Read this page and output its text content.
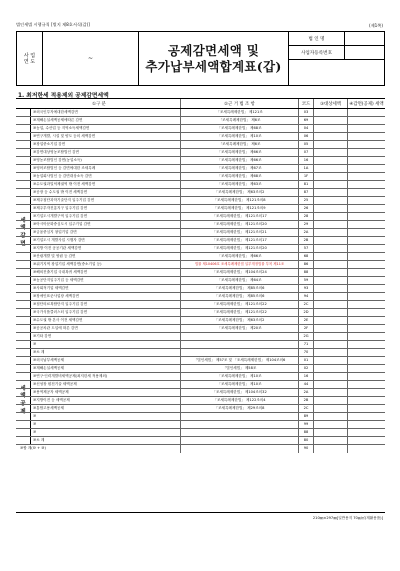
법인세법 시행규칙 [별지 제8호서식(갑)]	(제1쪽)
사 업
연 도	~
공제감면세액 및
추가납부세액합계표(갑)
법 인 명
사업자등록번호
1. 최저한세 적용제외 공제감면세액
①구 분	②근 거 법 조 항	코드	③대상세액	④감면(공제) 세액
세
액
감
면
⑩외국인투자에대한세액감면	「조세특례제한법」 제121조	03
⑩재해손실세액공제에따른 감면	「조세특례제한법」 제6조	69
⑩농업, 수산업 등 지역소득세액감면	「조세특례제한법」 제68조	04
⑩연구개발, 시설 및 양도 등의 세액감면	「조세특례제한법」 제10조	06
⑩창업중소기업 감면	「조세특례제한법」 제6조	05
⑩감면대상영농조합법인 감면	「조세특례제한법」 제66조	07
⑩영농조합법인 감면(농업소득)	「조세특례제한법」 제66조	16
⑩영어조합법인 등 감면에대한 조세특례	「조세특례제한법」 제67조	1A
⑩농업회사법인 등 감면대상소득 감면	「조세특례제한법」 제68조	1F
⑩수도권과밀억제권역 밖 이전 세액감면	「조세특례제한법」 제63조	81
⑩공장 등 수도권 밖 이전 세액감면	「조세특례제한법」 제63조의2	87
⑩제주첨단과학기술단지 입주기업 감면	「조세특례제한법」 제121조의8	25
⑩제주투자진흥지구 입주기업 감면	「조세특례제한법」 제121조의9	26
⑩기업도시개발구역 입주기업 감면	「조세특례제한법」 제121조의17	28
⑩아시아문화중심도시 입주기업 감면	「조세특례제한법」 제121조의20	29
⑩금융중심지 창업기업 감면	「조세특례제한법」 제121조의21	2A
⑩기업도시 개발사업 시행자 감면	「조세특례제한법」 제121조의17	2B
⑩지방 이전 공공기관 세액감면	「조세특례제한법」 제121조의20	57
⑩산림개발 및 영림 등 감면	「조세특례제한법」 제66조	68
⑩위기지역 창업기업 세액감면(중소기업 등)	법률 제10406호 조세특례제한법 일부개정법률 부칙 제11조	86
⑩해외진출기업 국내복귀 세액감면	「조세특례제한법」 제104조의24	88
⑩농공단지입주기업 등 세액감면	「조세특례제한법」 제64조	59
⑩사회적기업 세액감면	「조세특례제한법」 제85조의6	93
⑩장애인표준사업장 세액감면	「조세특례제한법」 제85조의6	94
⑩첨단의료복합단지 입주기업 감면	「조세특례제한법」 제121조의22	2C
⑩국가식품클러스터 입주기업 감면	「조세특례제한법」 제121조의22	2D
⑩수도권 밖 본사 이전 세액감면	「조세특례제한법」 제63조의2	2E
⑩공공차관 도입에 따른 감면	「조세특례제한법」 제20조	2F
⑩기타 감면	2G
⑩	71
⑩소 계	70
세
액
공
제
⑩외국납부세액공제	「법인세법」 제57조 및 「조세특례제한법」 제104조의6	01
⑩재해손실세액공제	「법인세법」 제58조	02
⑩연구·인력개발비세액공제(최저한세 적용제외)	「조세특례제한법」 제10조	16
⑩신성장 원천기술 세액공제	「조세특례제한법」 제10조	44
⑩용역제공자 세액공제	「조세특례제한법」 제104조의32	2A
⑩지방이전 등 세액공제	「조세특례제한법」 제122조의4	2B
⑩통합고용세액공제	「조세특례제한법」 제29조의8	2C
⑩	89
⑩	99
⑩	88
⑩소 계	80
⑩합 계(⑩ + ⑩)	90
210㎜×297㎜[일반용지 70g/㎡(재활용품)]
